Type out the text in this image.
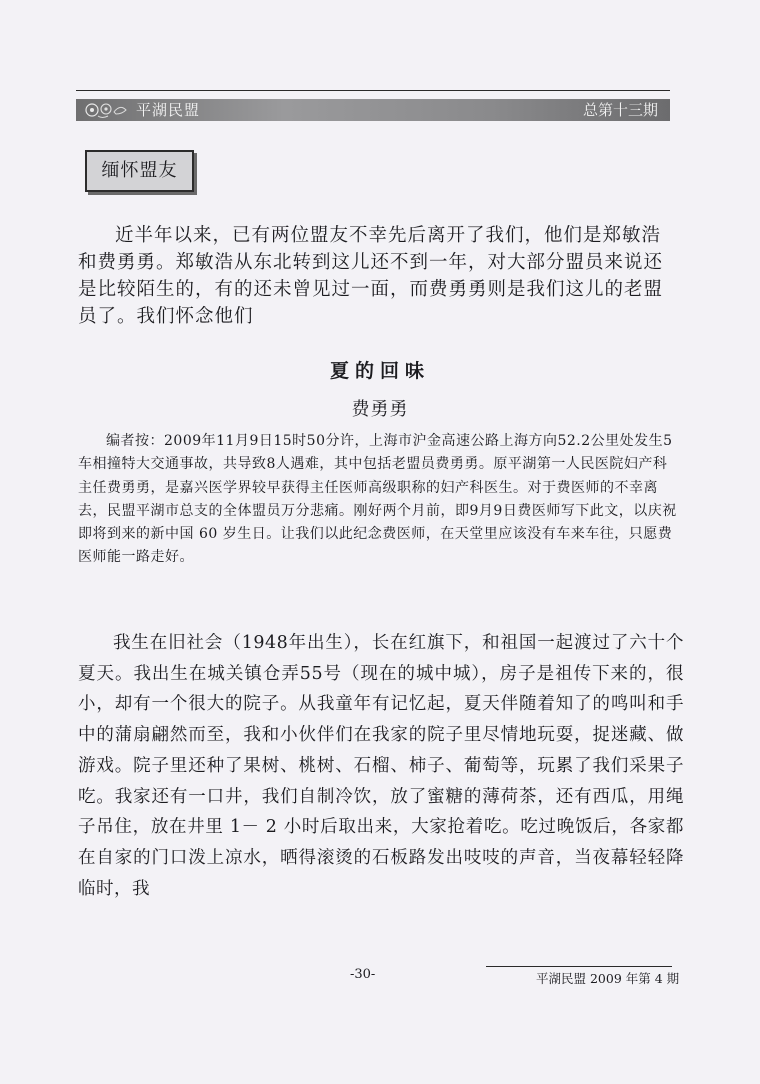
平湖民盟	总第十三期
缅怀盟友

近半年以来，已有两位盟友不幸先后离开了我们，他们是郑敏浩和费勇勇。郑敏浩从东北转到这儿还不到一年，对大部分盟员来说还是比较陌生的，有的还未曾见过一面，而费勇勇则是我们这儿的老盟员了。我们怀念他们

夏的回味
费勇勇

编者按：2009年11月9日15时50分许，上海市沪金高速公路上海方向52.2公里处发生5车相撞特大交通事故，共导致8人遇难，其中包括老盟员费勇勇。原平湖第一人民医院妇产科主任费勇勇，是嘉兴医学界较早获得主任医师高级职称的妇产科医生。对于费医师的不幸离去，民盟平湖市总支的全体盟员万分悲痛。刚好两个月前，即9月9日费医师写下此文，以庆祝即将到来的新中国 60 岁生日。让我们以此纪念费医师，在天堂里应该没有车来车往，只愿费医师能一路走好。

我生在旧社会（1948年出生），长在红旗下，和祖国一起渡过了六十个夏天。我出生在城关镇仓弄55号（现在的城中城），房子是祖传下来的，很小，却有一个很大的院子。从我童年有记忆起，夏天伴随着知了的鸣叫和手中的蒲扇翩然而至，我和小伙伴们在我家的院子里尽情地玩耍，捉迷藏、做游戏。院子里还种了果树、桃树、石榴、柿子、葡萄等，玩累了我们采果子吃。我家还有一口井，我们自制冷饮，放了蜜糖的薄荷茶，还有西瓜，用绳子吊住，放在井里 1－ 2 小时后取出来，大家抢着吃。吃过晚饭后，各家都在自家的门口泼上凉水，晒得滚烫的石板路发出吱吱的声音，当夜幕轻轻降临时，我

-30-	平湖民盟 2009 年第 4 期
